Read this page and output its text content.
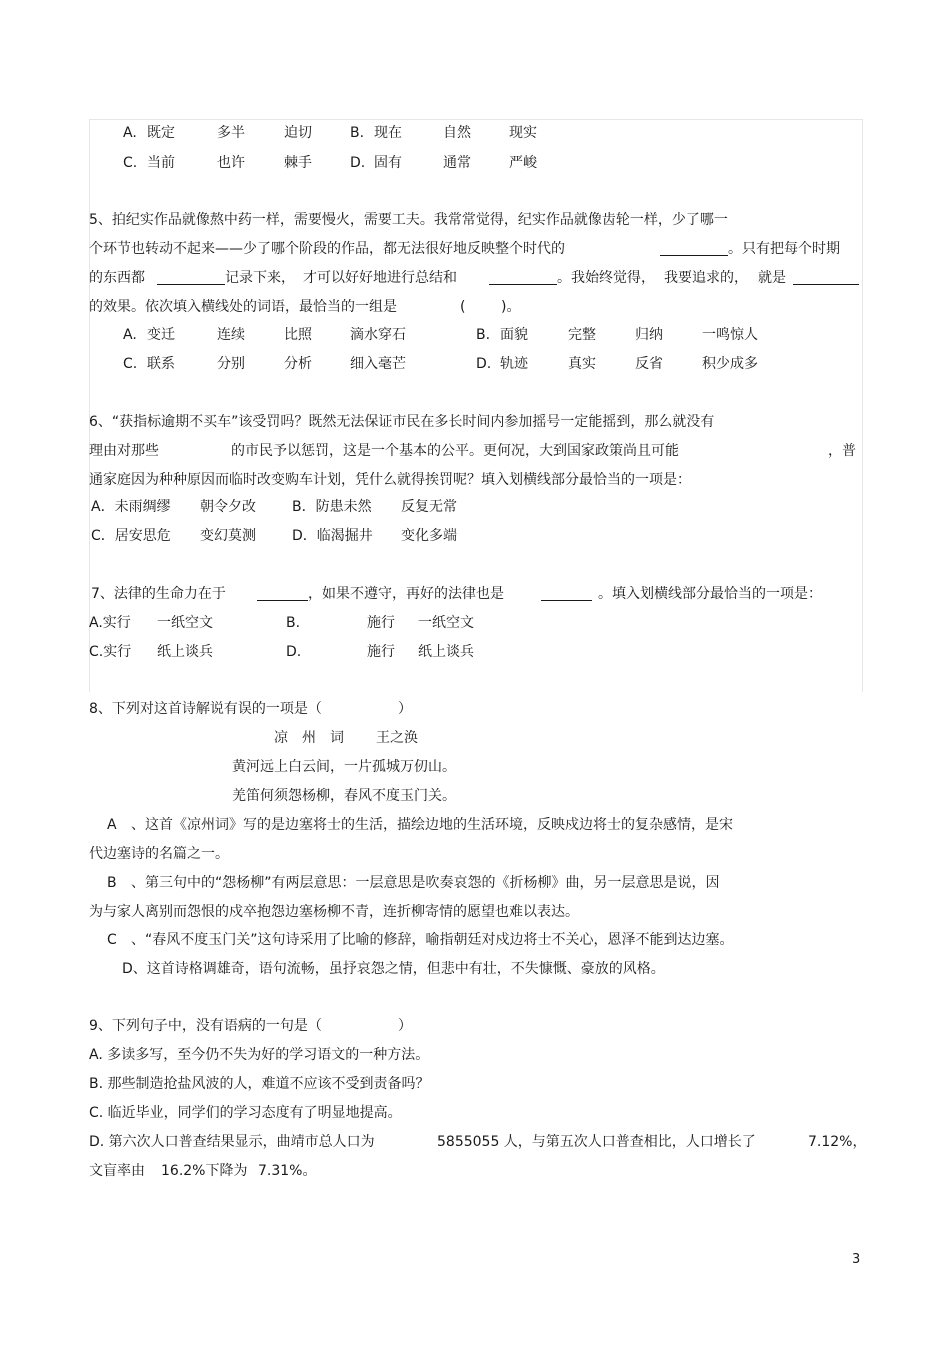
A. 既定	多半	迫切	B. 现在	自然	现实
C. 当前	也许	棘手	D. 固有	通常	严峻
5、拍纪实作品就像熬中药一样，需要慢火，需要工夫。我常常觉得，纪实作品就像齿轮一样，少了哪一
个环节也转动不起来——少了哪个阶段的作品，都无法很好地反映整个时代的	。只有把每个时期
的东西都	记录下来， 才可以好好地进行总结和	。我始终觉得， 我要追求的， 就是
的效果。依次填入横线处的词语，最恰当的一组是	(	)。
A. 变迁	连续	比照	滴水穿石	B. 面貌	完整	归纳	一鸣惊人
C. 联系	分别	分析	细入毫芒	D. 轨迹	真实	反省	积少成多
6、“获指标逾期不买车”该受罚吗？既然无法保证市民在多长时间内参加摇号一定能摇到，那么就没有
理由对那些	的市民予以惩罚，这是一个基本的公平。更何况，大到国家政策尚且可能	，普
通家庭因为种种原因而临时改变购车计划，凭什么就得挨罚呢？填入划横线部分最恰当的一项是：
A．未雨绸缪 朝令夕改	B．防患未然 反复无常
C．居安思危 变幻莫测	D．临渴掘井 变化多端
7、法律的生命力在于	，如果不遵守，再好的法律也是	。填入划横线部分最恰当的一项是：
A.实行 一纸空文	B.	施行 一纸空文
C.实行 纸上谈兵	D.	施行 纸上谈兵
8、下列对这首诗解说有误的一项是（	）
凉　州　词 王之涣
黄河远上白云间，一片孤城万仞山。
羌笛何须怨杨柳，春风不度玉门关。
A 、这首《凉州词》写的是边塞将士的生活，描绘边地的生活环境，反映戍边将士的复杂感情，是宋
代边塞诗的名篇之一。
B 、第三句中的“怨杨柳”有两层意思：一层意思是吹奏哀怨的《折杨柳》曲，另一层意思是说，因
为与家人离别而怨恨的戍卒抱怨边塞杨柳不青，连折柳寄情的愿望也难以表达。
C 、“春风不度玉门关”这句诗采用了比喻的修辞，喻指朝廷对戍边将士不关心，恩泽不能到达边塞。
D、这首诗格调雄奇，语句流畅，虽抒哀怨之情，但悲中有壮，不失慷慨、豪放的风格。
9、下列句子中，没有语病的一句是（	）
A. 多读多写，至今仍不失为好的学习语文的一种方法。
B. 那些制造抢盐风波的人，难道不应该不受到责备吗？
C. 临近毕业，同学们的学习态度有了明显地提高。
D. 第六次人口普查结果显示，曲靖市总人口为	5855055 人，与第五次人口普查相比，人口增长了	7.12%，
文盲率由 16.2%下降为 7.31%。
3
